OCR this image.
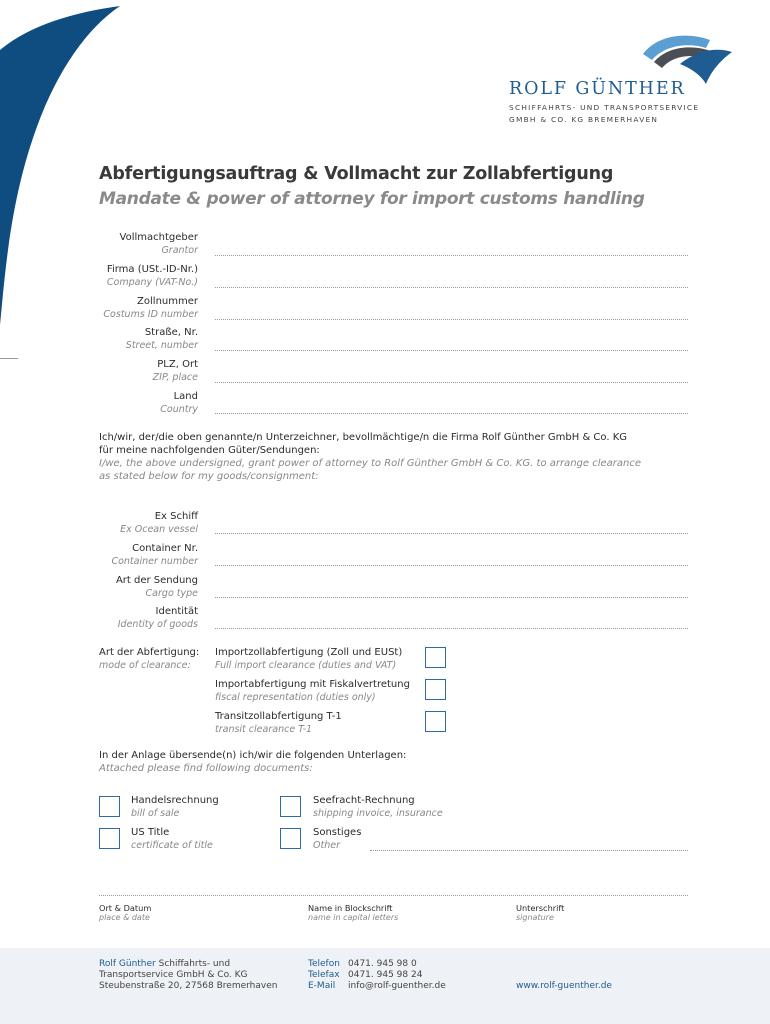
ROLF GÜNTHER
SCHIFFAHRTS- UND TRANSPORTSERVICE
GMBH & CO. KG BREMERHAVEN
Abfertigungsauftrag & Vollmacht zur Zollabfertigung
Mandate & power of attorney for import customs handling
Vollmachtgeber
Grantor
Firma (USt.-ID-Nr.)
Company (VAT-No.)
Zollnummer
Costums ID number
Straße, Nr.
Street, number
PLZ, Ort
ZIP, place
Land
Country
Ich/wir, der/die oben genannte/n Unterzeichner, bevollmächtige/n die Firma Rolf Günther GmbH & Co. KG
für meine nachfolgenden Güter/Sendungen:
I/we, the above undersigned, grant power of attorney to Rolf Günther GmbH & Co. KG. to arrange clearance
as stated below for my goods/consignment:
Ex Schiff
Ex Ocean vessel
Container Nr.
Container number
Art der Sendung
Cargo type
Identität
Identity of goods
Art der Abfertigung:
mode of clearance:
Importzollabfertigung (Zoll und EUSt)
Full import clearance (duties and VAT)
Importabfertigung mit Fiskalvertretung
fiscal representation (duties only)
Transitzollabfertigung T-1
transit clearance T-1
In der Anlage übersende(n) ich/wir die folgenden Unterlagen:
Attached please find following documents:
Handelsrechnung
bill of sale
Seefracht-Rechnung
shipping invoice, insurance
US Title
certificate of title
Sonstiges
Other
Ort & Datum
place & date
Name in Blockschrift
name in capital letters
Unterschrift
signature
Rolf Günther Schiffahrts- und
Transportservice GmbH & Co. KG
Steubenstraße 20, 27568 Bremerhaven
Telefon 0471. 945 98 0
Telefax 0471. 945 98 24
E-Mail info@rolf-guenther.de	www.rolf-guenther.de
